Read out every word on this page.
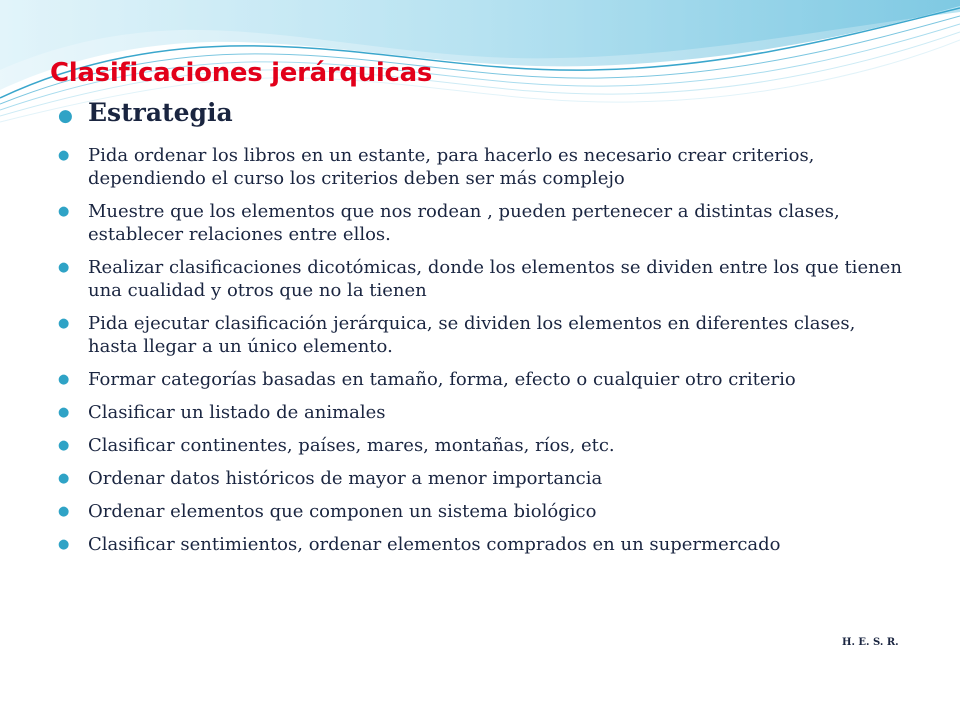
Clasificaciones jerárquicas
● Estrategia
● Pida ordenar los libros en un estante, para hacerlo es necesario crear criterios, dependiendo el curso los criterios deben ser más complejo
● Muestre que los elementos que nos rodean , pueden pertenecer a distintas clases, establecer relaciones entre ellos.
● Realizar clasificaciones dicotómicas, donde los elementos se dividen entre los que tienen una cualidad y otros que no la tienen
● Pida ejecutar clasificación jerárquica, se dividen los elementos en diferentes clases, hasta llegar a un único elemento.
● Formar categorías basadas en tamaño, forma, efecto o cualquier otro criterio
● Clasificar un listado de animales
● Clasificar continentes, países, mares, montañas, ríos, etc.
● Ordenar datos históricos de mayor a menor importancia
● Ordenar elementos que componen un sistema biológico
● Clasificar sentimientos, ordenar elementos comprados en un supermercado
H. E. S. R.
